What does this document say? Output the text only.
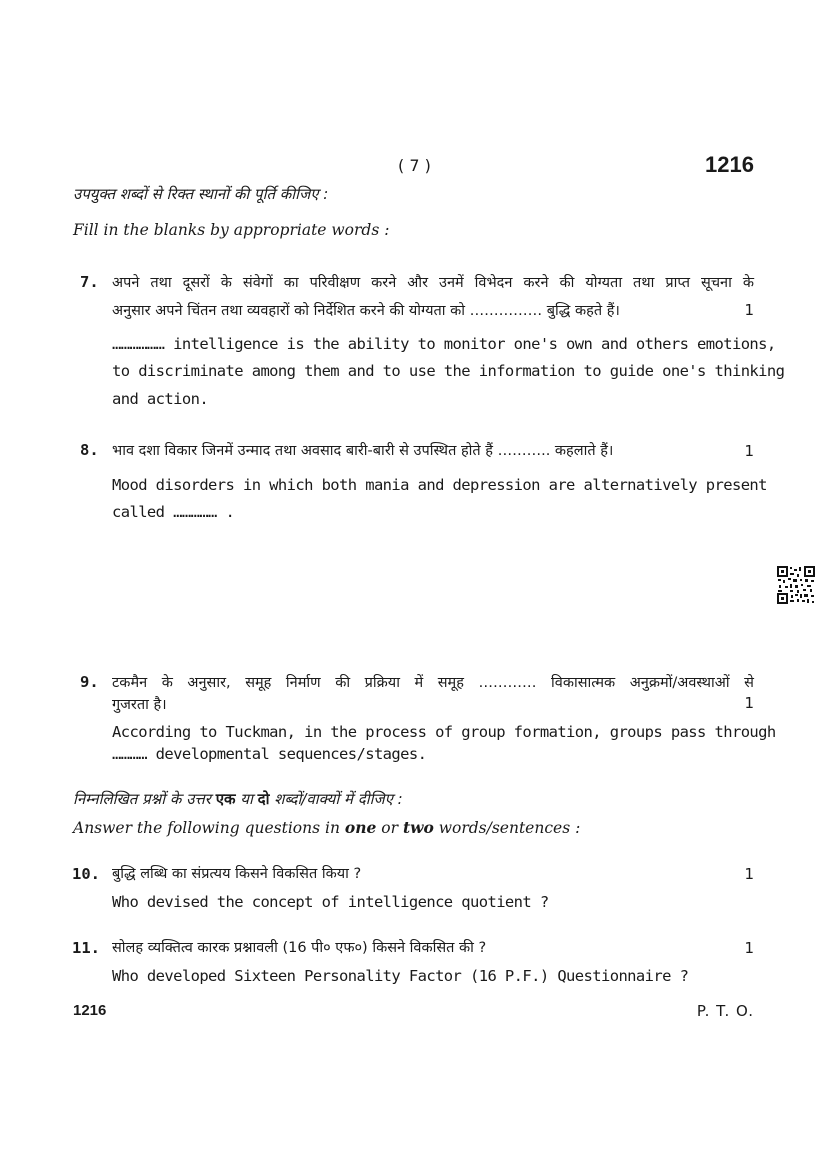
( 7 )	1216
उपयुक्त शब्दों से रिक्त स्थानों की पूर्ति कीजिए :
Fill in the blanks by appropriate words :
7. अपने तथा दूसरों के संवेगों का परिवीक्षण करने और उनमें विभेदन करने की योग्यता तथा प्राप्त सूचना के
अनुसार अपने चिंतन तथा व्यवहारों को निर्देशित करने की योग्यता को …………… बुद्धि कहते हैं।	1
……………… intelligence is the ability to monitor one's own and others emotions,
to discriminate among them and to use the information to guide one's thinking
and action.
8. भाव दशा विकार जिनमें उन्माद तथा अवसाद बारी-बारी से उपस्थित होते हैं ……….. कहलाते हैं।	1
Mood disorders in which both mania and depression are alternatively present
called …………… .
9. टकमैन के अनुसार, समूह निर्माण की प्रक्रिया में समूह ………… विकासात्मक अनुक्रमों/अवस्थाओं से
गुजरता है।	1
According to Tuckman, in the process of group formation, groups pass through
………… developmental sequences/stages.
निम्नलिखित प्रश्नों के उत्तर एक या दो शब्दों/वाक्यों में दीजिए :
Answer the following questions in one or two words/sentences :
10. बुद्धि लब्धि का संप्रत्यय किसने विकसित किया ?	1
Who devised the concept of intelligence quotient ?
11. सोलह व्यक्तित्व कारक प्रश्नावली (16 पी० एफ०) किसने विकसित की ?	1
Who developed Sixteen Personality Factor (16 P.F.) Questionnaire ?
1216	P. T. O.
